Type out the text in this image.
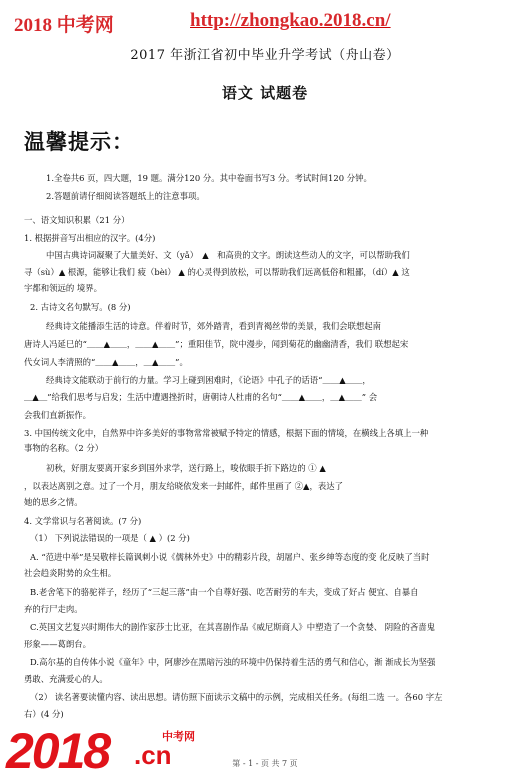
2018 中考网	http://zhongkao.2018.cn/
2017 年浙江省初中毕业升学考试（舟山卷）
语文 试题卷
温馨提示：
1.全卷共6 页，四大题，19 题。满分120 分。其中卷面书写3 分。考试时间120 分钟。
2.答题前请仔细阅读答题纸上的注意事项。
一、语文知识积累（21 分）
1. 根据拼音写出相应的汉字。(4分)
中国古典诗词凝聚了大量美好、文（yǎ）　▲　和高贵的文字。朗读这些动人的文字，可以帮助我们
寻（sù）▲ 根源，能够让我们 疲（bèi） ▲ 的心灵得到放松，可以帮助我们远离低俗和粗鄙，（dí）▲ 这
宇都和领远的 境界。
2. 古诗文名句默写。(8 分)
经典诗文能播添生活的诗意。伴着时节，郊外踏青，看到青褐丝带的美景，我们会联想起南
唐诗人冯延巳的“＿＿▲＿＿，＿＿▲＿＿”；重阳佳节，院中漫步，闻到菊花的幽幽清香，我们 联想起宋
代女词人李清照的“＿＿▲＿＿，＿▲＿＿”。
经典诗文能联动于前行的力量。学习上碰到困难时，《论语》中孔子的话语“＿＿▲＿＿，
＿▲＿”给我们思考与启发；生活中遭遇挫折时，唐朝诗人杜甫的名句“＿＿▲＿＿，＿▲＿＿” 会
会我们直新振作。
3. 中国传统文化中，自然界中许多美好的事物常常被赋予特定的情感，根据下面的情境，在横线上各填上一种
事物的名称。（2 分）
初秋，好朋友要离开家乡到国外求学，送行路上，唆依眼手折下路边的 ① ▲
，以表达离别之意。过了一个月，朋友给晓依发来一封邮件，邮件里画了 ②▲，表达了
她的思乡之情。
4. 文学常识与名著阅读。(7 分)
（1） 下列说法错误的一项是（ ▲ ）(2 分)
A. “范进中举”是吴敬梓长篇讽刺小说《儒林外史》中的精彩片段，胡屠户、张乡绅等态度的变 化反映了当时
社会趋炎附势的众生相。
B.老舍笔下的骆驼祥子，经历了“三起三落”由一个自尊好强、吃苦耐劳的车夫，变成了好占 便宜、自暴自
弃的行尸走肉。
C.英国文艺复兴时期伟大的剧作家莎士比亚，在其喜剧作品《威尼斯商人》中塑造了一个贪婪、 阴险的吝啬鬼
形象——葛朗台。
D.高尔基的自传体小说《童年》中，阿廖沙在黑暗污浊的环境中仍保持着生活的勇气和信心，渐 渐成长为坚强
勇敢、充满爱心的人。
（2） 读名著要读懂内容、读出思想。请仿照下面读示文稿中的示例，完成相关任务。(每组二选 一。各60 字左
右）(4 分)
2018	中考网
.cn	第 - 1 - 页 共 7 页
